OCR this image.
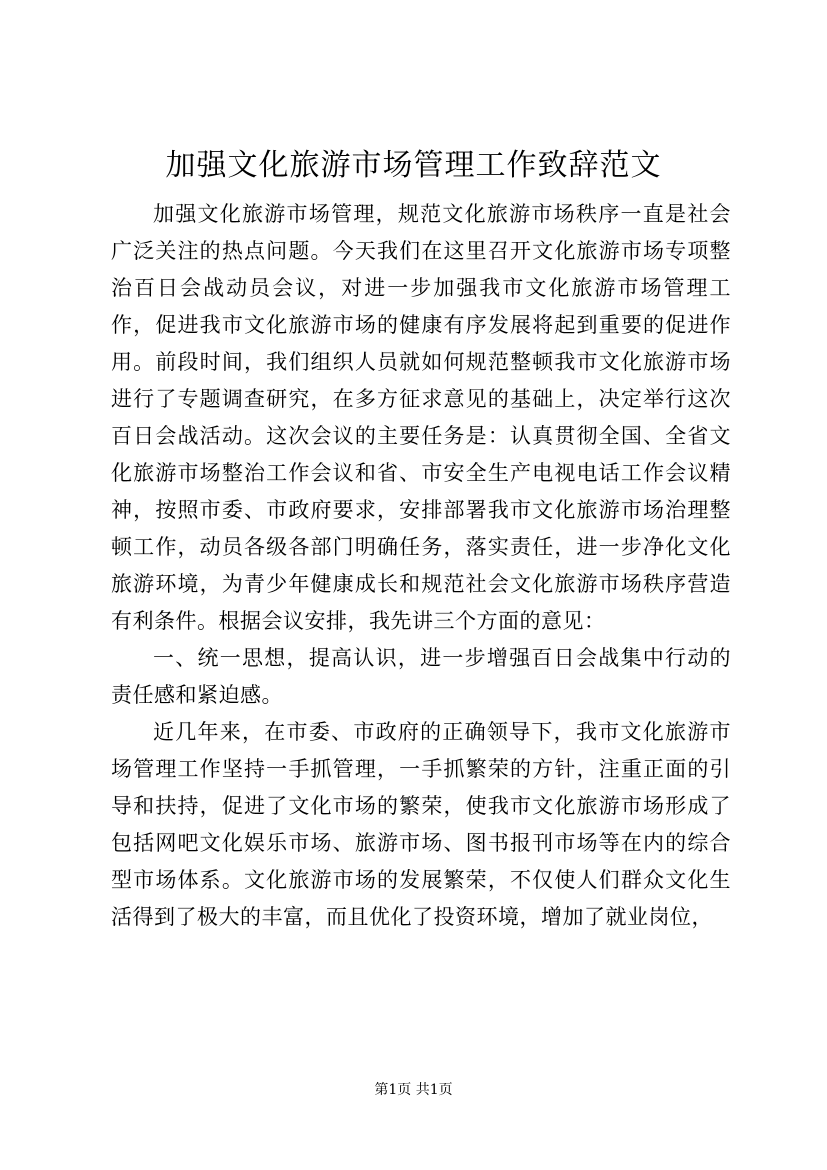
加强文化旅游市场管理工作致辞范文

加强文化旅游市场管理，规范文化旅游市场秩序一直是社会广泛关注的热点问题。今天我们在这里召开文化旅游市场专项整治百日会战动员会议，对进一步加强我市文化旅游市场管理工作，促进我市文化旅游市场的健康有序发展将起到重要的促进作用。前段时间，我们组织人员就如何规范整顿我市文化旅游市场进行了专题调查研究，在多方征求意见的基础上，决定举行这次百日会战活动。这次会议的主要任务是：认真贯彻全国、全省文化旅游市场整治工作会议和省、市安全生产电视电话工作会议精神，按照市委、市政府要求，安排部署我市文化旅游市场治理整顿工作，动员各级各部门明确任务，落实责任，进一步净化文化旅游环境，为青少年健康成长和规范社会文化旅游市场秩序营造有利条件。根据会议安排，我先讲三个方面的意见：

一、统一思想，提高认识，进一步增强百日会战集中行动的责任感和紧迫感。

近几年来，在市委、市政府的正确领导下，我市文化旅游市场管理工作坚持一手抓管理，一手抓繁荣的方针，注重正面的引导和扶持，促进了文化市场的繁荣，使我市文化旅游市场形成了包括网吧文化娱乐市场、旅游市场、图书报刊市场等在内的综合型市场体系。文化旅游市场的发展繁荣，不仅使人们群众文化生活得到了极大的丰富，而且优化了投资环境，增加了就业岗位，

第1页 共1页
